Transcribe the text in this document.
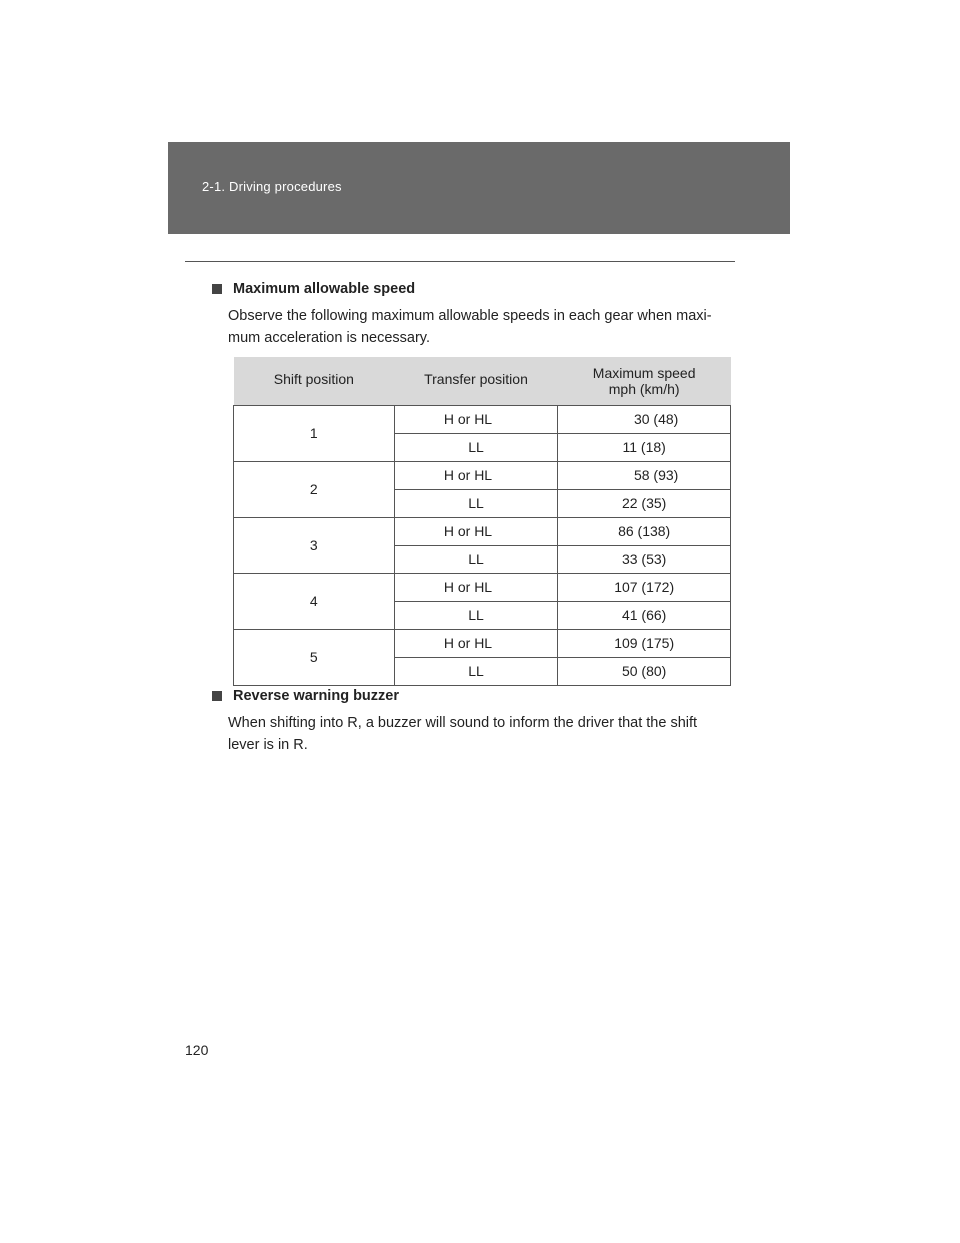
2-1. Driving procedures
Maximum allowable speed
Observe the following maximum allowable speeds in each gear when maxi-mum acceleration is necessary.
Shift position	Transfer position	Maximum speed
mph (km/h)

1	H or HL	30 (48)
	LL	11 (18)
2	H or HL	58 (93)
	LL	22 (35)
3	H or HL	86 (138)
	LL	33 (53)
4	H or HL	107 (172)
	LL	41 (66)
5	H or HL	109 (175)
	LL	50 (80)
Reverse warning buzzer
When shifting into R, a buzzer will sound to inform the driver that the shift lever is in R.
120
